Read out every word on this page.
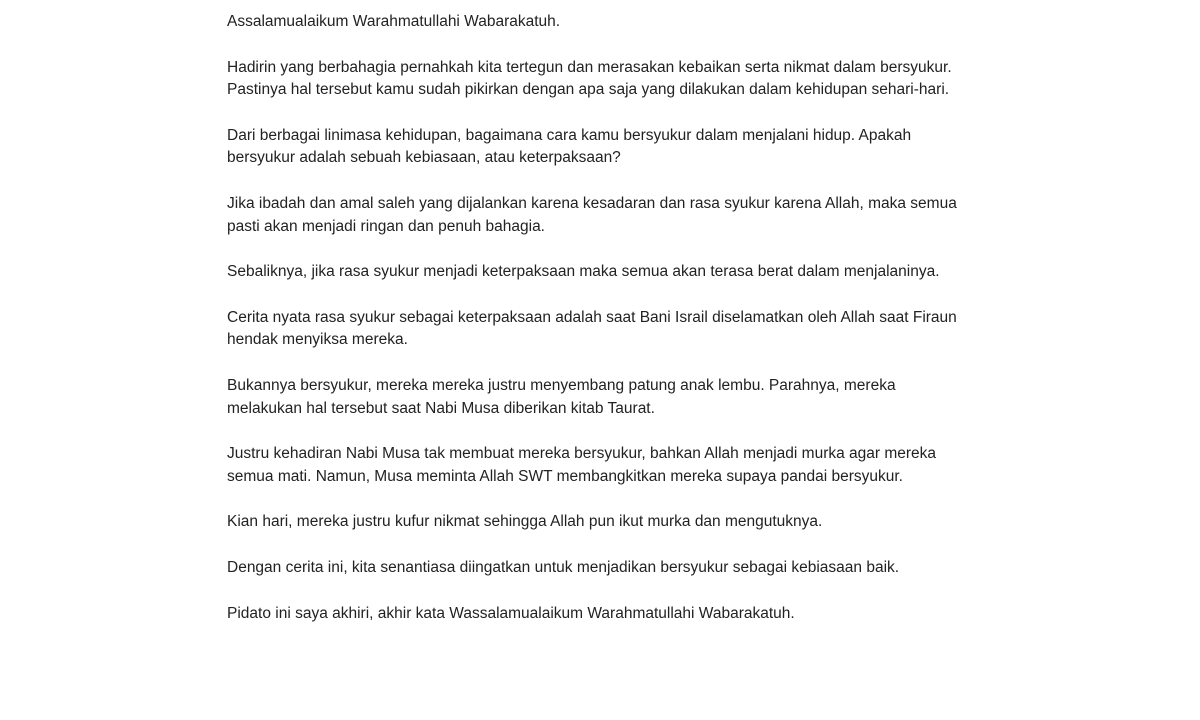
Assalamualaikum Warahmatullahi Wabarakatuh.

Hadirin yang berbahagia pernahkah kita tertegun dan merasakan kebaikan serta nikmat dalam bersyukur. Pastinya hal tersebut kamu sudah pikirkan dengan apa saja yang dilakukan dalam kehidupan sehari-hari.

Dari berbagai linimasa kehidupan, bagaimana cara kamu bersyukur dalam menjalani hidup. Apakah bersyukur adalah sebuah kebiasaan, atau keterpaksaan?

Jika ibadah dan amal saleh yang dijalankan karena kesadaran dan rasa syukur karena Allah, maka semua pasti akan menjadi ringan dan penuh bahagia.

Sebaliknya, jika rasa syukur menjadi keterpaksaan maka semua akan terasa berat dalam menjalaninya.

Cerita nyata rasa syukur sebagai keterpaksaan adalah saat Bani Israil diselamatkan oleh Allah saat Firaun hendak menyiksa mereka.

Bukannya bersyukur, mereka mereka justru menyembang patung anak lembu. Parahnya, mereka melakukan hal tersebut saat Nabi Musa diberikan kitab Taurat.

Justru kehadiran Nabi Musa tak membuat mereka bersyukur, bahkan Allah menjadi murka agar mereka semua mati. Namun, Musa meminta Allah SWT membangkitkan mereka supaya pandai bersyukur.

Kian hari, mereka justru kufur nikmat sehingga Allah pun ikut murka dan mengutuknya.

Dengan cerita ini, kita senantiasa diingatkan untuk menjadikan bersyukur sebagai kebiasaan baik.

Pidato ini saya akhiri, akhir kata Wassalamualaikum Warahmatullahi Wabarakatuh.
